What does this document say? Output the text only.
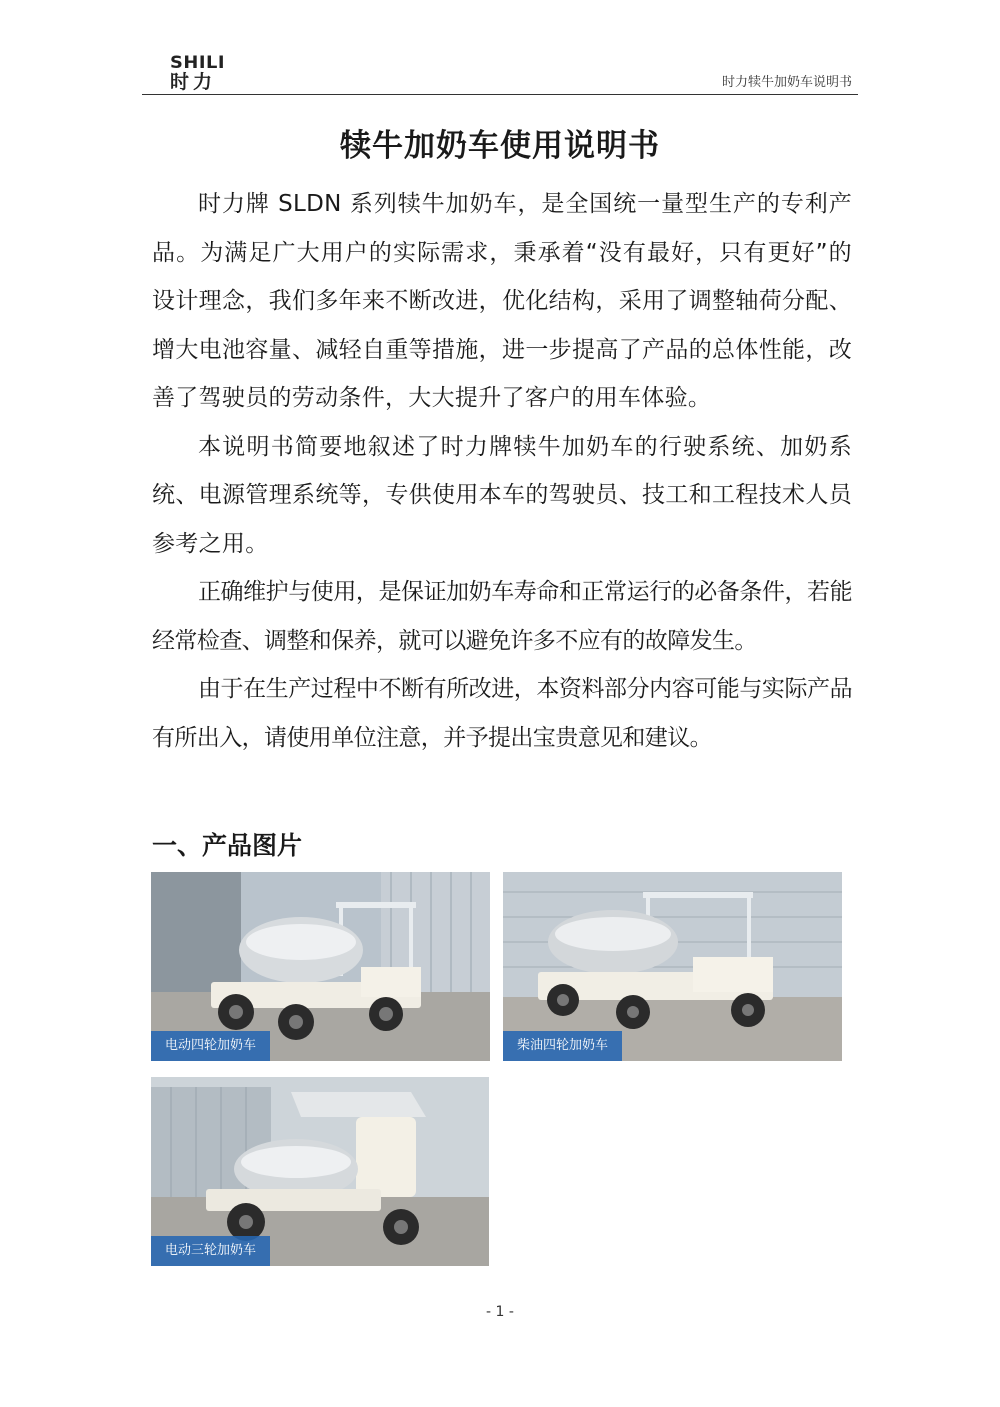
SHILI
时力	时力犊牛加奶车说明书
犊牛加奶车使用说明书

时力牌 SLDN 系列犊牛加奶车，是全国统一量型生产的专利产品。为满足广大用户的实际需求，秉承着“没有最好，只有更好”的设计理念，我们多年来不断改进，优化结构，采用了调整轴荷分配、增大电池容量、减轻自重等措施，进一步提高了产品的总体性能，改善了驾驶员的劳动条件，大大提升了客户的用车体验。

本说明书简要地叙述了时力牌犊牛加奶车的行驶系统、加奶系统、电源管理系统等，专供使用本车的驾驶员、技工和工程技术人员参考之用。

正确维护与使用，是保证加奶车寿命和正常运行的必备条件，若能经常检查、调整和保养，就可以避免许多不应有的故障发生。

由于在生产过程中不断有所改进，本资料部分内容可能与实际产品有所出入，请使用单位注意，并予提出宝贵意见和建议。

一、产品图片
电动四轮加奶车	柴油四轮加奶车
电动三轮加奶车
- 1 -
